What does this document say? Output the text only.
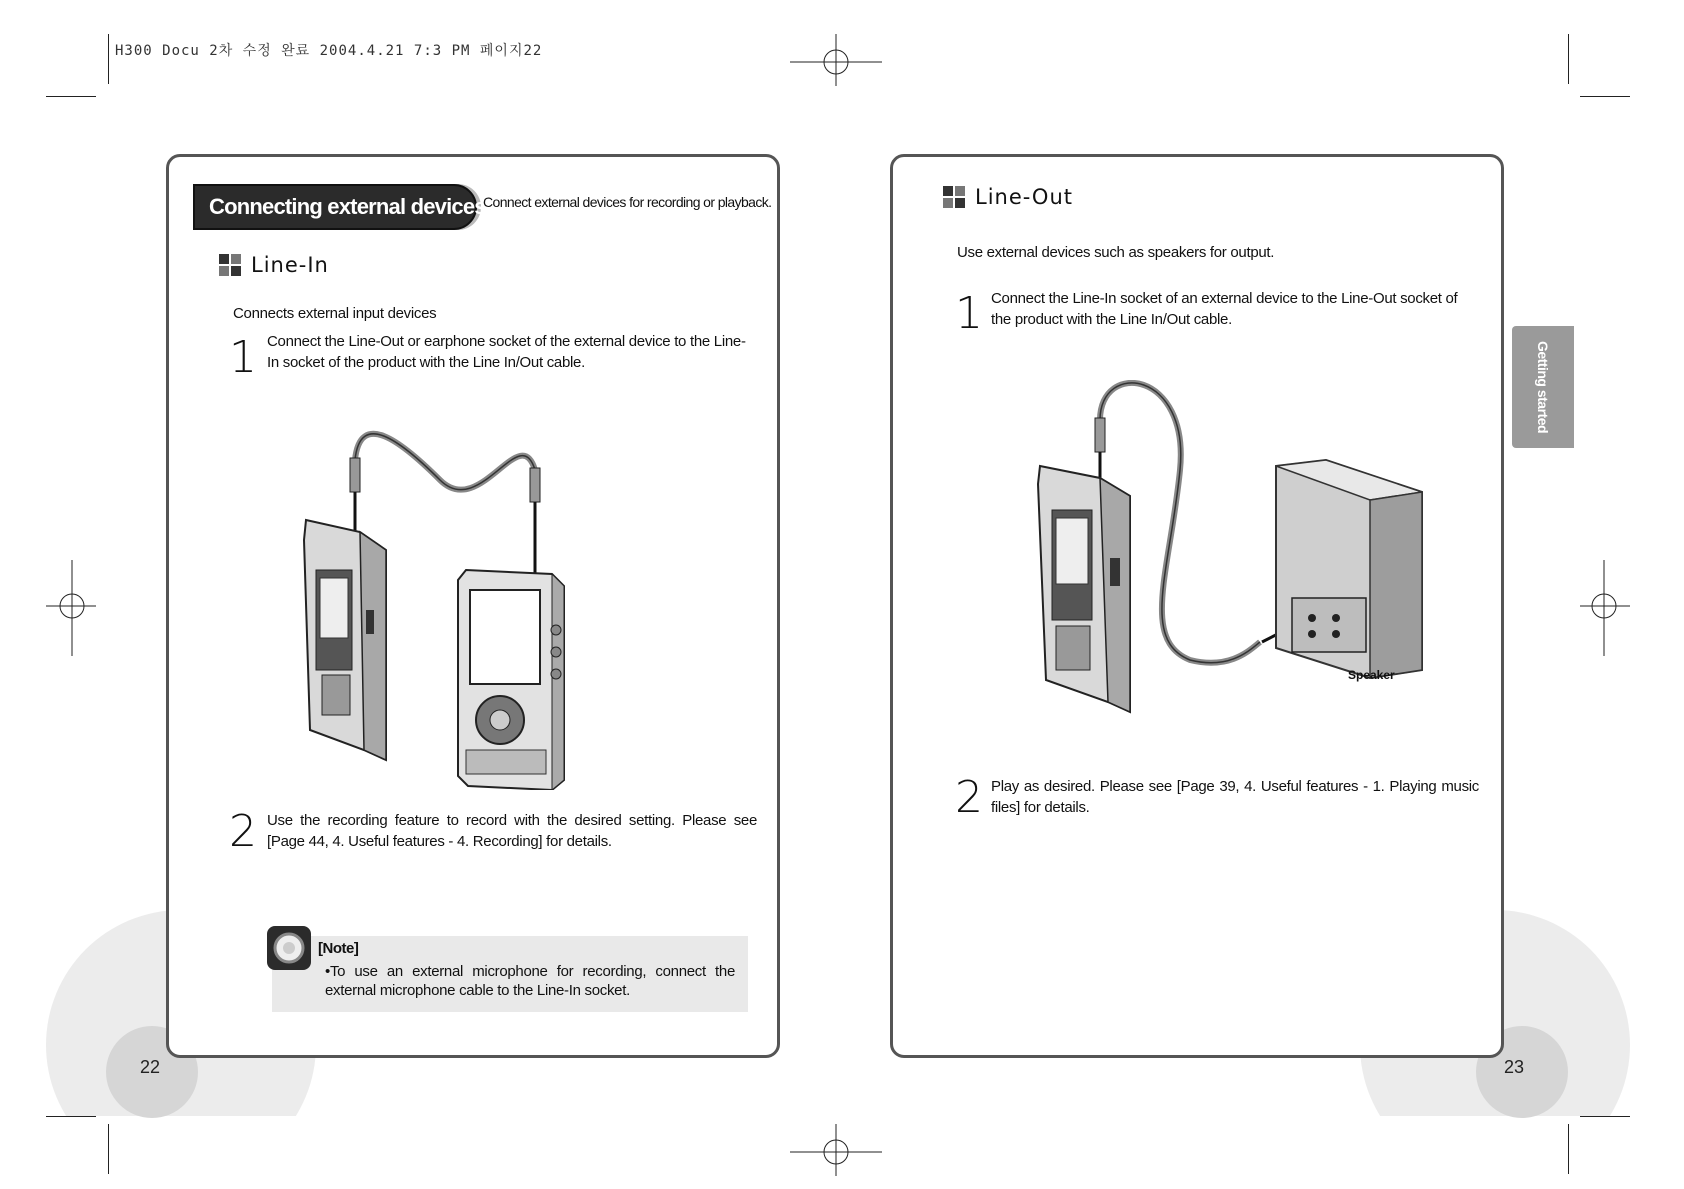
H300 Docu 2차 수정 완료 2004.4.21 7:3 PM 페이지22
Connecting external devices
Connect external devices for recording or playback.
Line-In
Connects external input devices
1 Connect the Line-Out or earphone socket of the external device to the Line-In socket of the product with the Line In/Out cable.
2 Use the recording feature to record with the desired setting. Please see [Page 44, 4. Useful features - 4. Recording] for details.
[Note]
•To use an external microphone for recording, connect the external microphone cable to the Line-In socket.
22
Line-Out
Use external devices such as speakers for output.
1 Connect the Line-In socket of an external device to the Line-Out socket of the product with the Line In/Out cable.
Speaker
2 Play as desired. Please see [Page 39, 4. Useful features - 1. Playing music files] for details.
Getting started
23
